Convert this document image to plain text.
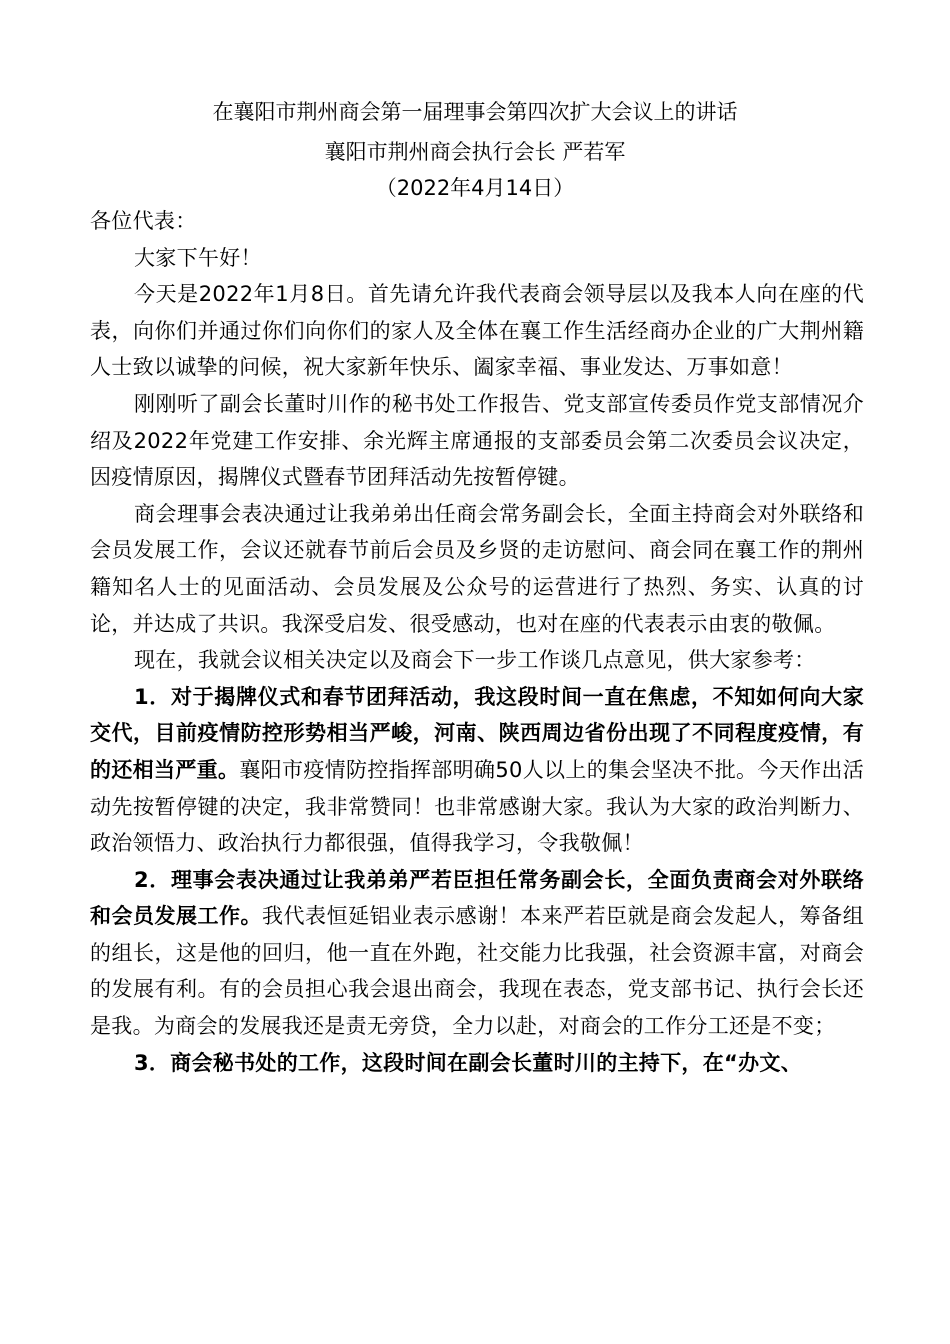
在襄阳市荆州商会第一届理事会第四次扩大会议上的讲话
襄阳市荆州商会执行会长 严若军
（2022年4月14日）

各位代表：

大家下午好！

今天是2022年1月8日。首先请允许我代表商会领导层以及我本人向在座的代表，向你们并通过你们向你们的家人及全体在襄工作生活经商办企业的广大荆州籍人士致以诚挚的问候，祝大家新年快乐、阖家幸福、事业发达、万事如意！

刚刚听了副会长董时川作的秘书处工作报告、党支部宣传委员作党支部情况介绍及2022年党建工作安排、余光辉主席通报的支部委员会第二次委员会议决定，因疫情原因，揭牌仪式暨春节团拜活动先按暂停键。

商会理事会表决通过让我弟弟出任商会常务副会长，全面主持商会对外联络和会员发展工作，会议还就春节前后会员及乡贤的走访慰问、商会同在襄工作的荆州籍知名人士的见面活动、会员发展及公众号的运营进行了热烈、务实、认真的讨论，并达成了共识。我深受启发、很受感动，也对在座的代表表示由衷的敬佩。

现在，我就会议相关决定以及商会下一步工作谈几点意见，供大家参考：

1．对于揭牌仪式和春节团拜活动，我这段时间一直在焦虑，不知如何向大家交代，目前疫情防控形势相当严峻，河南、陕西周边省份出现了不同程度疫情，有的还相当严重。襄阳市疫情防控指挥部明确50人以上的集会坚决不批。今天作出活动先按暂停键的决定，我非常赞同！也非常感谢大家。我认为大家的政治判断力、政治领悟力、政治执行力都很强，值得我学习，令我敬佩！

2．理事会表决通过让我弟弟严若臣担任常务副会长，全面负责商会对外联络和会员发展工作。我代表恒延铝业表示感谢！本来严若臣就是商会发起人，筹备组的组长，这是他的回归，他一直在外跑，社交能力比我强，社会资源丰富，对商会的发展有利。有的会员担心我会退出商会，我现在表态，党支部书记、执行会长还是我。为商会的发展我还是责无旁贷，全力以赴，对商会的工作分工还是不变；

3．商会秘书处的工作，这段时间在副会长董时川的主持下，在“办文、
